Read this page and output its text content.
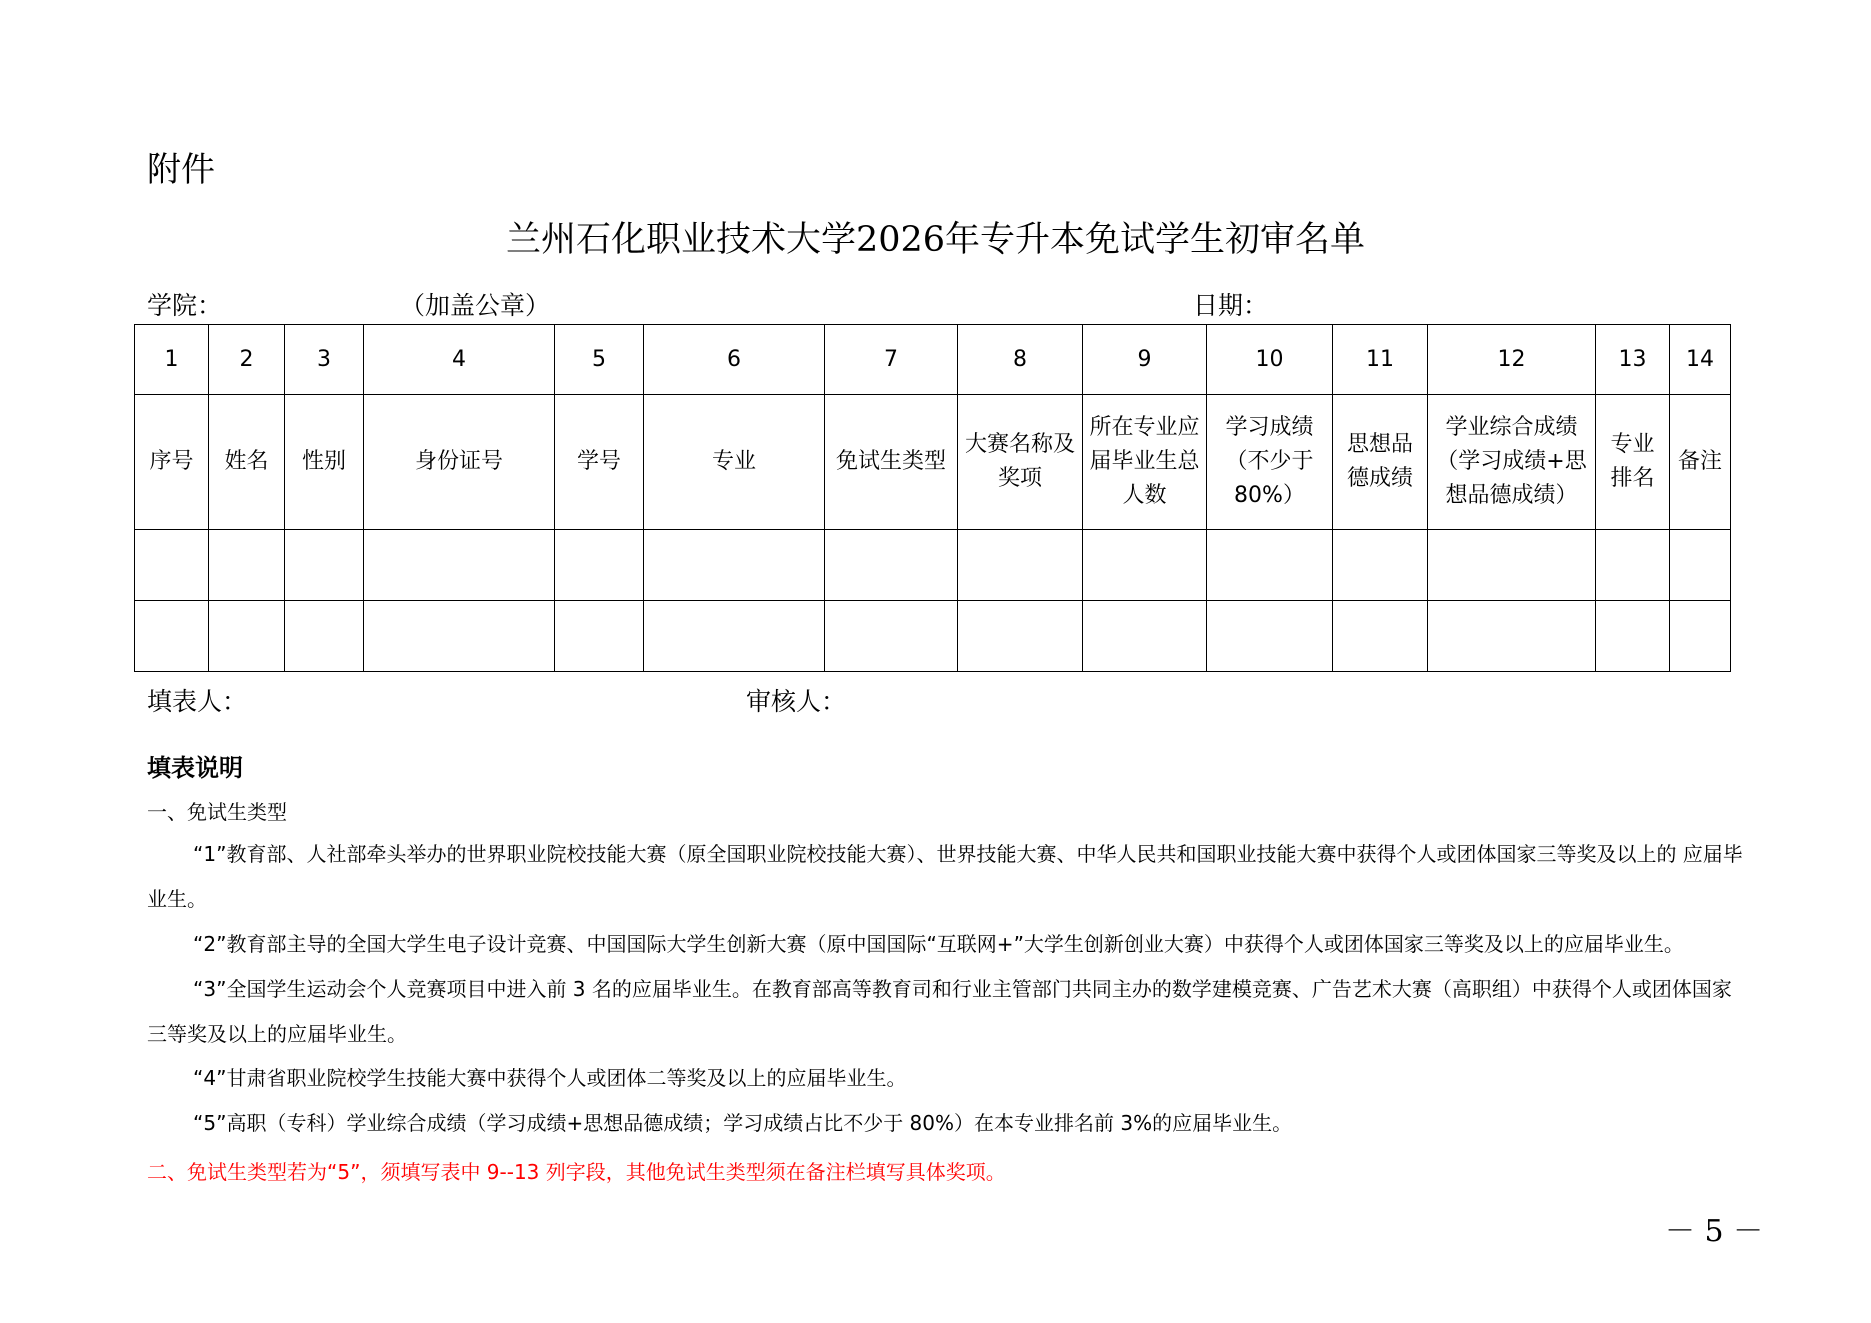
附件
兰州石化职业技术大学2026年专升本免试学生初审名单
学院：	（加盖公章）	日期：
1	2	3	4	5	6	7	8	9	10	11	12	13	14
序号	姓名	性别	身份证号	学号	专业	免试生类型	大赛名称及奖项	所在专业应届毕业生总人数	学习成绩（不少于80%）	思想品德成绩	学业综合成绩（学习成绩+思想品德成绩）	专业排名	备注

填表人：	审核人：
填表说明
一、免试生类型
“1”教育部、人社部牵头举办的世界职业院校技能大赛（原全国职业院校技能大赛）、世界技能大赛、中华人民共和国职业技能大赛中获得个人或团体国家三等奖及以上的 应届毕业生。
“2”教育部主导的全国大学生电子设计竞赛、中国国际大学生创新大赛（原中国国际“互联网+”大学生创新创业大赛）中获得个人或团体国家三等奖及以上的应届毕业生。
“3”全国学生运动会个人竞赛项目中进入前 3 名的应届毕业生。在教育部高等教育司和行业主管部门共同主办的数学建模竞赛、广告艺术大赛（高职组）中获得个人或团体国家三等奖及以上的应届毕业生。
“4”甘肃省职业院校学生技能大赛中获得个人或团体二等奖及以上的应届毕业生。
“5”高职（专科）学业综合成绩（学习成绩+思想品德成绩；学习成绩占比不少于 80%）在本专业排名前 3%的应届毕业生。
二、免试生类型若为“5”，须填写表中 9--13 列字段，其他免试生类型须在备注栏填写具体奖项。
－ 5 －
